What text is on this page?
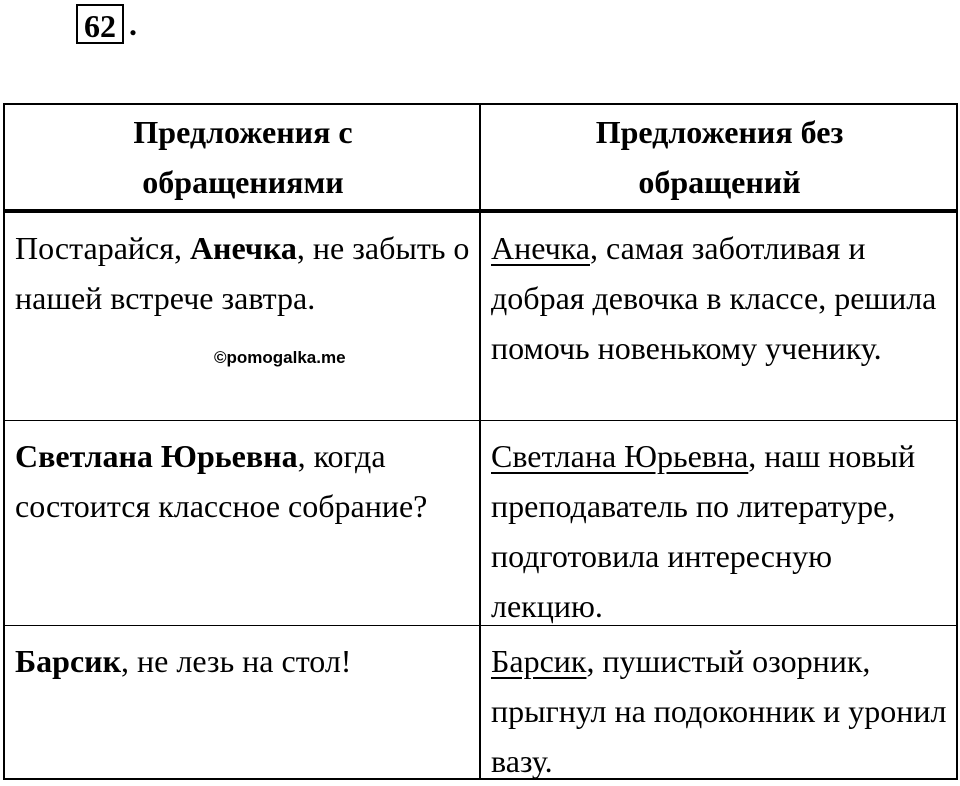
62 .
Предложения с
обращениями
Предложения без
обращений
Постарайся, Анечка, не забыть о нашей встрече завтра.
Анечка, самая заботливая и добрая девочка в классе, решила помочь новенькому ученику.
Светлана Юрьевна, когда состоится классное собрание?
Светлана Юрьевна, наш новый преподаватель по литературе, подготовила интересную лекцию.
Барсик, не лезь на стол!	Барсик, пушистый озорник, прыгнул на подоконник и уронил вазу.
©pomogalka.me
